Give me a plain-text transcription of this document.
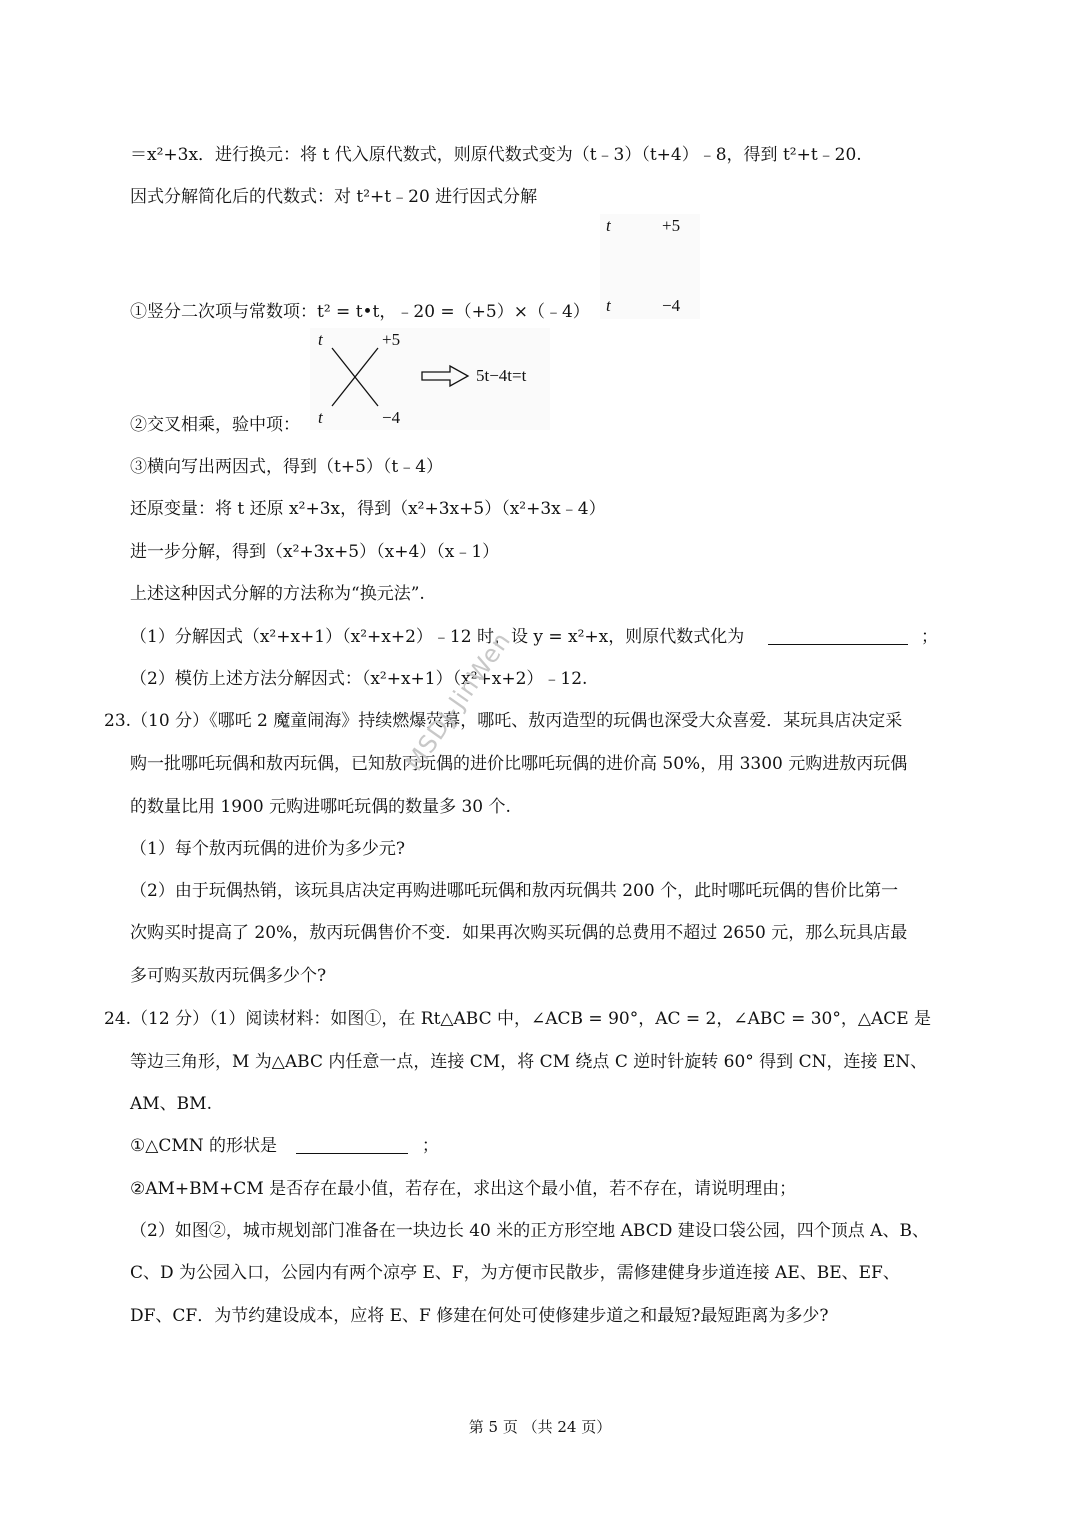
＝x²+3x．进行换元：将 t 代入原代数式，则原代数式变为（t﹣3）（t+4）﹣8，得到 t²+t﹣20.
因式分解简化后的代数式：对 t²+t﹣20 进行因式分解
t	+5
t	−4
①竖分二次项与常数项：t² = t•t，﹣20 =（+5）×（﹣4）
t	+5
t	−4
5t−4t=t
②交叉相乘，验中项：
③横向写出两因式，得到（t+5）（t﹣4）
还原变量：将 t 还原 x²+3x，得到（x²+3x+5）（x²+3x﹣4）
进一步分解，得到（x²+3x+5）（x+4）（x﹣1）
上述这种因式分解的方法称为“换元法”.
（1）分解因式（x²+x+1）（x²+x+2）﹣12 时，设 y = x²+x，则原代数式化为	；
（2）模仿上述方法分解因式：（x²+x+1）（x²+x+2）﹣12.
23.（10 分）《哪吒 2 魔童闹海》持续燃爆荧幕，哪吒、敖丙造型的玩偶也深受大众喜爱．某玩具店决定采
购一批哪吒玩偶和敖丙玩偶，已知敖丙玩偶的进价比哪吒玩偶的进价高 50%，用 3300 元购进敖丙玩偶
的数量比用 1900 元购进哪吒玩偶的数量多 30 个.
（1）每个敖丙玩偶的进价为多少元?
（2）由于玩偶热销，该玩具店决定再购进哪吒玩偶和敖丙玩偶共 200 个，此时哪吒玩偶的售价比第一
次购买时提高了 20%，敖丙玩偶售价不变．如果再次购买玩偶的总费用不超过 2650 元，那么玩具店最
多可购买敖丙玩偶多少个?
24.（12 分）（1）阅读材料：如图①，在 Rt△ABC 中，∠ACB = 90°，AC = 2，∠ABC = 30°，△ACE 是
等边三角形，M 为△ABC 内任意一点，连接 CM，将 CM 绕点 C 逆时针旋转 60° 得到 CN，连接 EN、
AM、BM.
①△CMN 的形状是	；
②AM+BM+CM 是否存在最小值，若存在，求出这个最小值，若不存在，请说明理由；
（2）如图②，城市规划部门准备在一块边长 40 米的正方形空地 ABCD 建设口袋公园，四个顶点 A、B、
C、D 为公园入口，公园内有两个凉亭 E、F，为方便市民散步，需修建健身步道连接 AE、BE、EF、
DF、CF．为节约建设成本，应将 E、F 修建在何处可使修建步道之和最短?最短距离为多少?
MSDJ-JinWen
第 5 页 （共 24 页）
